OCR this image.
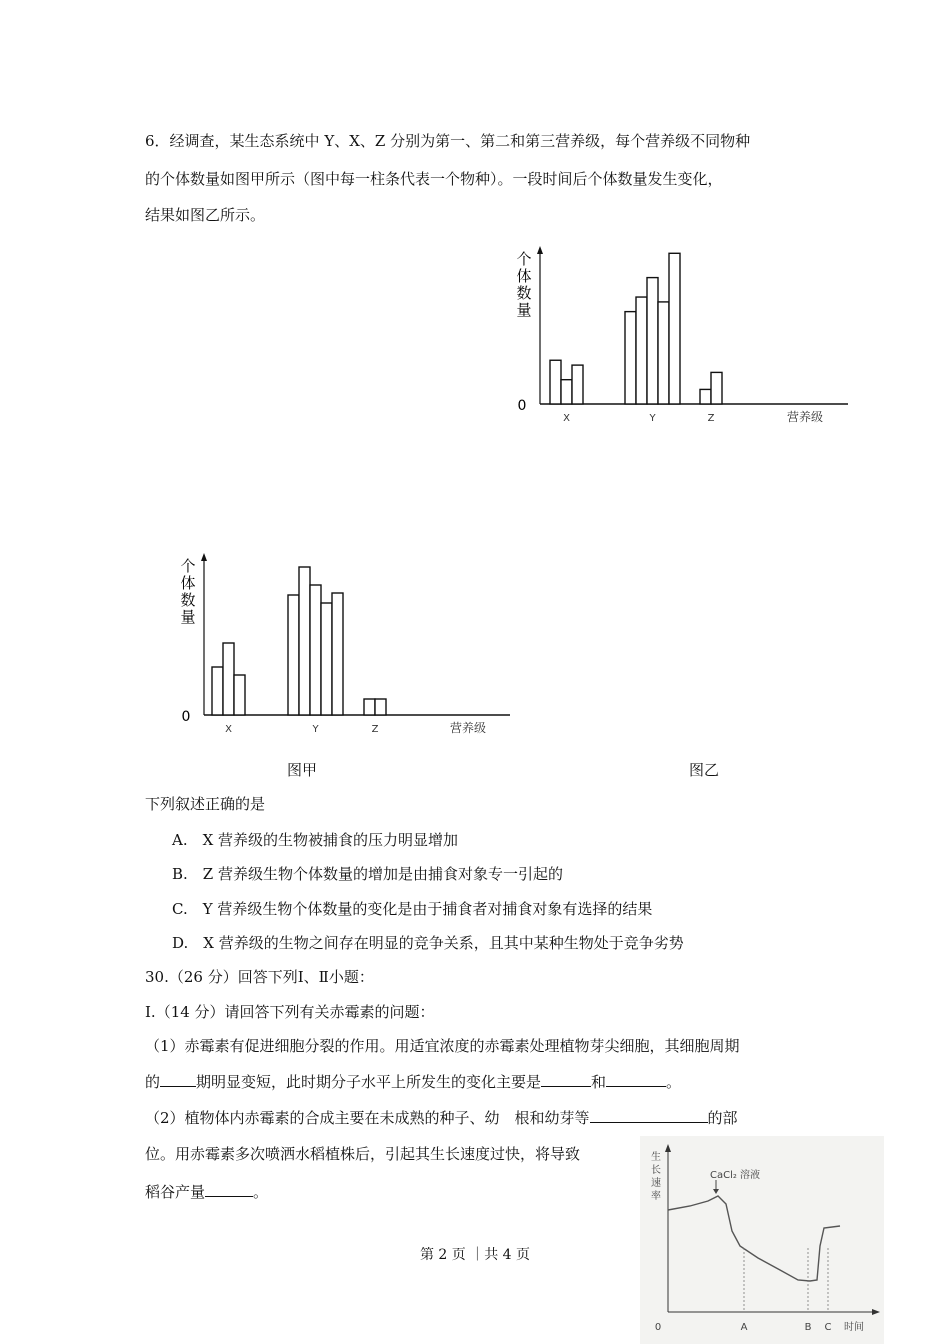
6．经调查，某生态系统中 Y、X、Z 分别为第一、第二和第三营养级，每个营养级不同物种
的个体数量如图甲所示（图中每一柱条代表一个物种）。一段时间后个体数量发生变化，
结果如图乙所示。
个
体
数
量
0
X	Y	Z	营养级
个
体
数
量
0
X	Y	Z	营养级
图甲	图乙
下列叙述正确的是
A.　X 营养级的生物被捕食的压力明显增加
B.　Z 营养级生物个体数量的增加是由捕食对象专一引起的
C.　Y 营养级生物个体数量的变化是由于捕食者对捕食对象有选择的结果
D.　X 营养级的生物之间存在明显的竞争关系，且其中某种生物处于竞争劣势
30.（26 分）回答下列Ⅰ、Ⅱ小题：
Ⅰ.（14 分）请回答下列有关赤霉素的问题：
（1）赤霉素有促进细胞分裂的作用。用适宜浓度的赤霉素处理植物芽尖细胞，其细胞周期
的 期明显变短，此时期分子水平上所发生的变化主要是	和	。
（2）植物体内赤霉素的合成主要在未成熟的种子、幼　根和幼芽等	的部
位。用赤霉素多次喷洒水稻植株后，引起其生长速度过快，将导致
稻谷产量	。
生
长
速
率
0	时间
CaCl₂ 溶液
A	B C
第 2 页 ｜共 4 页
